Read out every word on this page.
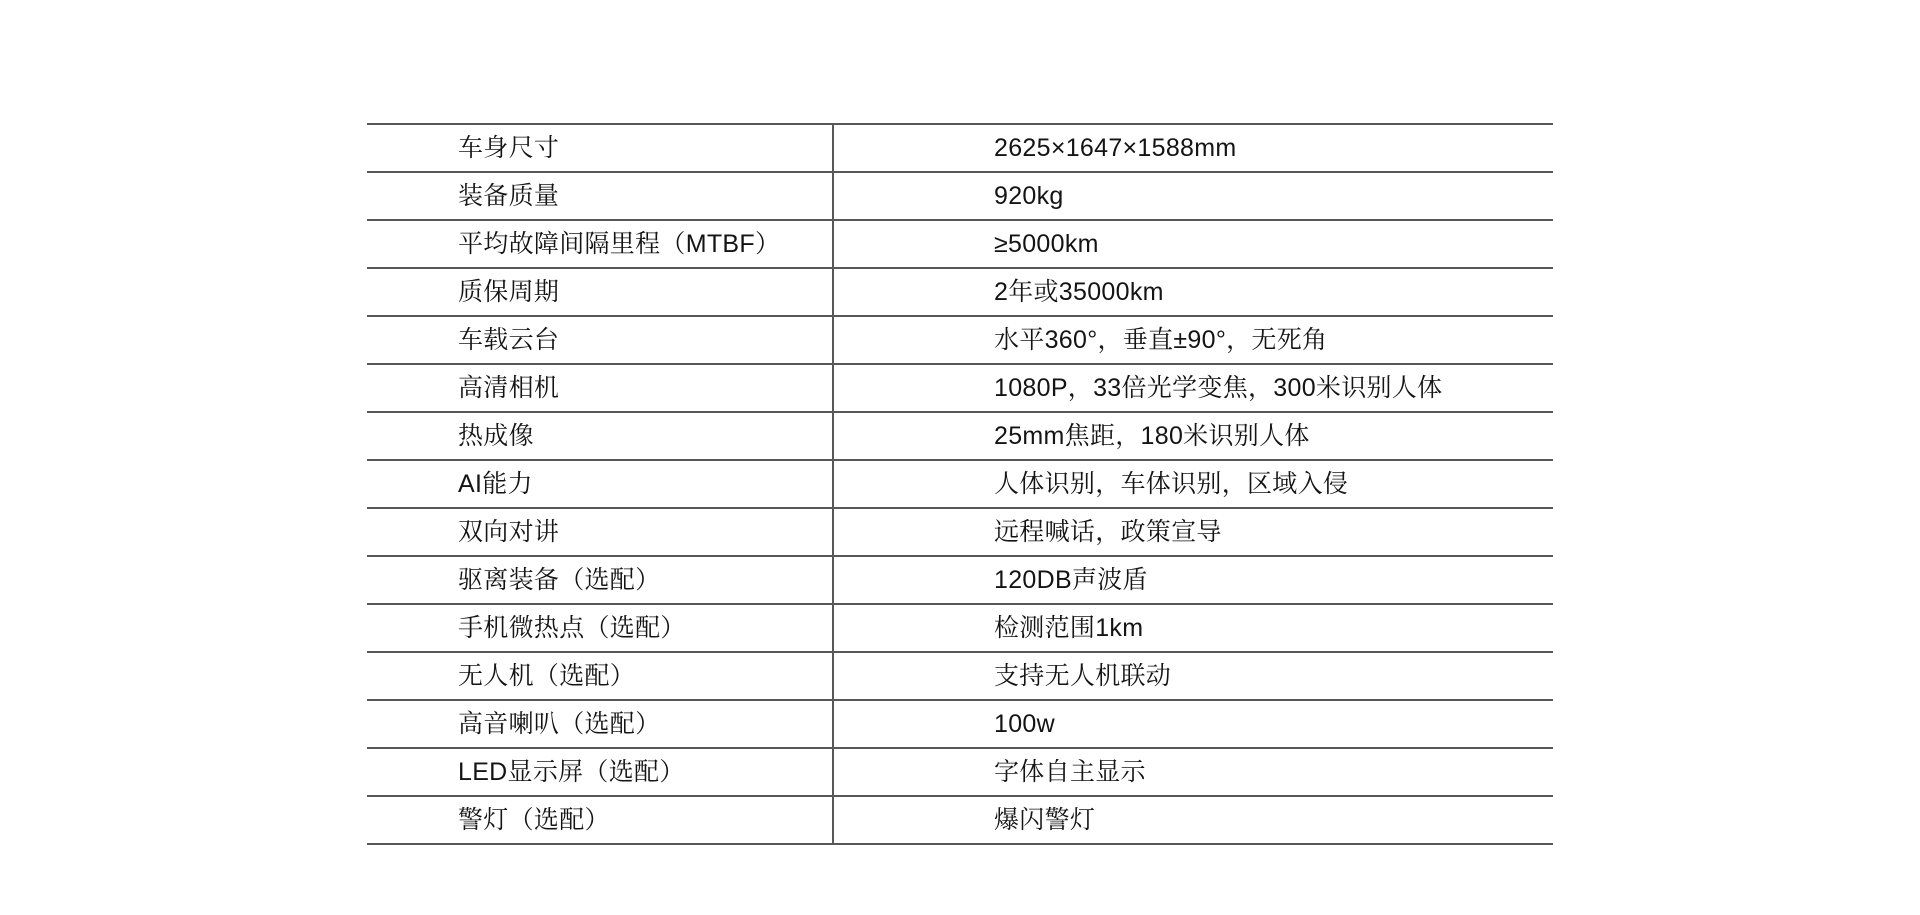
车身尺寸	2625×1647×1588mm
装备质量	920kg
平均故障间隔里程（MTBF）	≥5000km
质保周期	2年或35000km
车载云台	水平360°，垂直±90°，无死角
高清相机	1080P，33倍光学变焦，300米识别人体
热成像	25mm焦距，180米识别人体
AI能力	人体识别，车体识别，区域入侵
双向对讲	远程喊话，政策宣导
驱离装备（选配）	120DB声波盾
手机微热点（选配）	检测范围1km
无人机（选配）	支持无人机联动
高音喇叭（选配）	100w
LED显示屏（选配）	字体自主显示
警灯（选配）	爆闪警灯
